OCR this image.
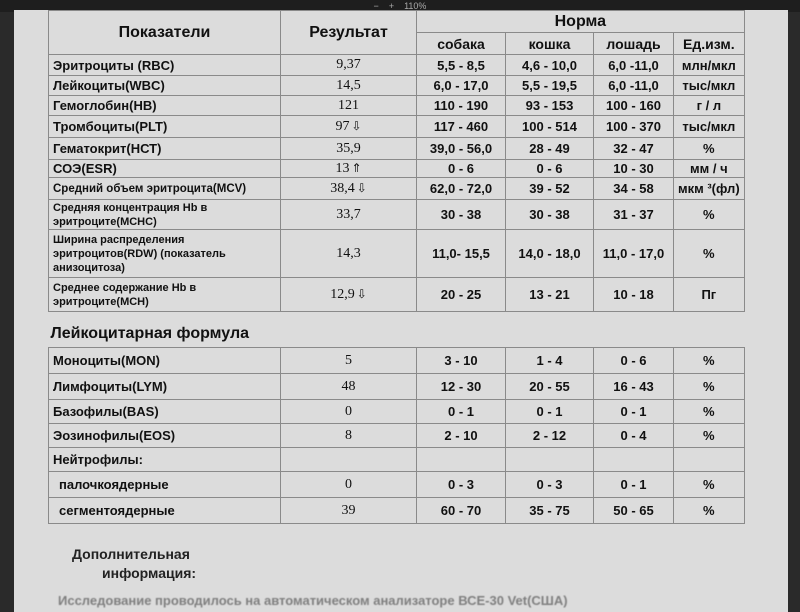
− + 110%
Показатели	Результат	Норма			
		собака	кошка	лошадь	Ед.изм.
Эритроциты (RBC)	9,37	5,5 - 8,5	4,6 - 10,0	6,0 -11,0	млн/мкл
Лейкоциты(WBC)	14,5	6,0 - 17,0	5,5 - 19,5	6,0 -11,0	тыс/мкл
Гемоглобин(НВ)	121	110 - 190	93 - 153	100 - 160	г / л
Тромбоциты(PLT)	97 ⇩	117 - 460	100 - 514	100 - 370	тыс/мкл
Гематокрит(НСТ)	35,9	39,0 - 56,0	28 - 49	32 - 47	%
СОЭ(ESR)	13 ⇑	0 - 6	0 - 6	10 - 30	мм / ч
Средний объем эритроцита(MCV)	38,4 ⇩	62,0 - 72,0	39 - 52	34 - 58	мкм ³(фл)
Средняя концентрация Hb в эритроците(МСНС)	33,7	30 - 38	30 - 38	31 - 37	%
Ширина распределения эритроцитов(RDW) (показатель анизоцитоза)	14,3	11,0- 15,5	14,0 - 18,0	11,0 - 17,0	%
Среднее содержание Hb в эритроците(МСН)	12,9 ⇩	20 - 25	13 - 21	10 - 18	Пг
Лейкоцитарная формула					
Моноциты(MON)	5	3 - 10	1 - 4	0 - 6	%
Лимфоциты(LYM)	48	12 - 30	20 - 55	16 - 43	%
Базофилы(BAS)	0	0 - 1	0 - 1	0 - 1	%
Эозинофилы(EOS)	8	2 - 10	2 - 12	0 - 4	%
Нейтрофилы:					
палочкоядерные	0	0 - 3	0 - 3	0 - 1	%
сегментоядерные	39	60 - 70	35 - 75	50 - 65	%
Дополнительная
информация:
Исследование проводилось на автоматическом анализаторе ВСЕ-30 Vet(США)
